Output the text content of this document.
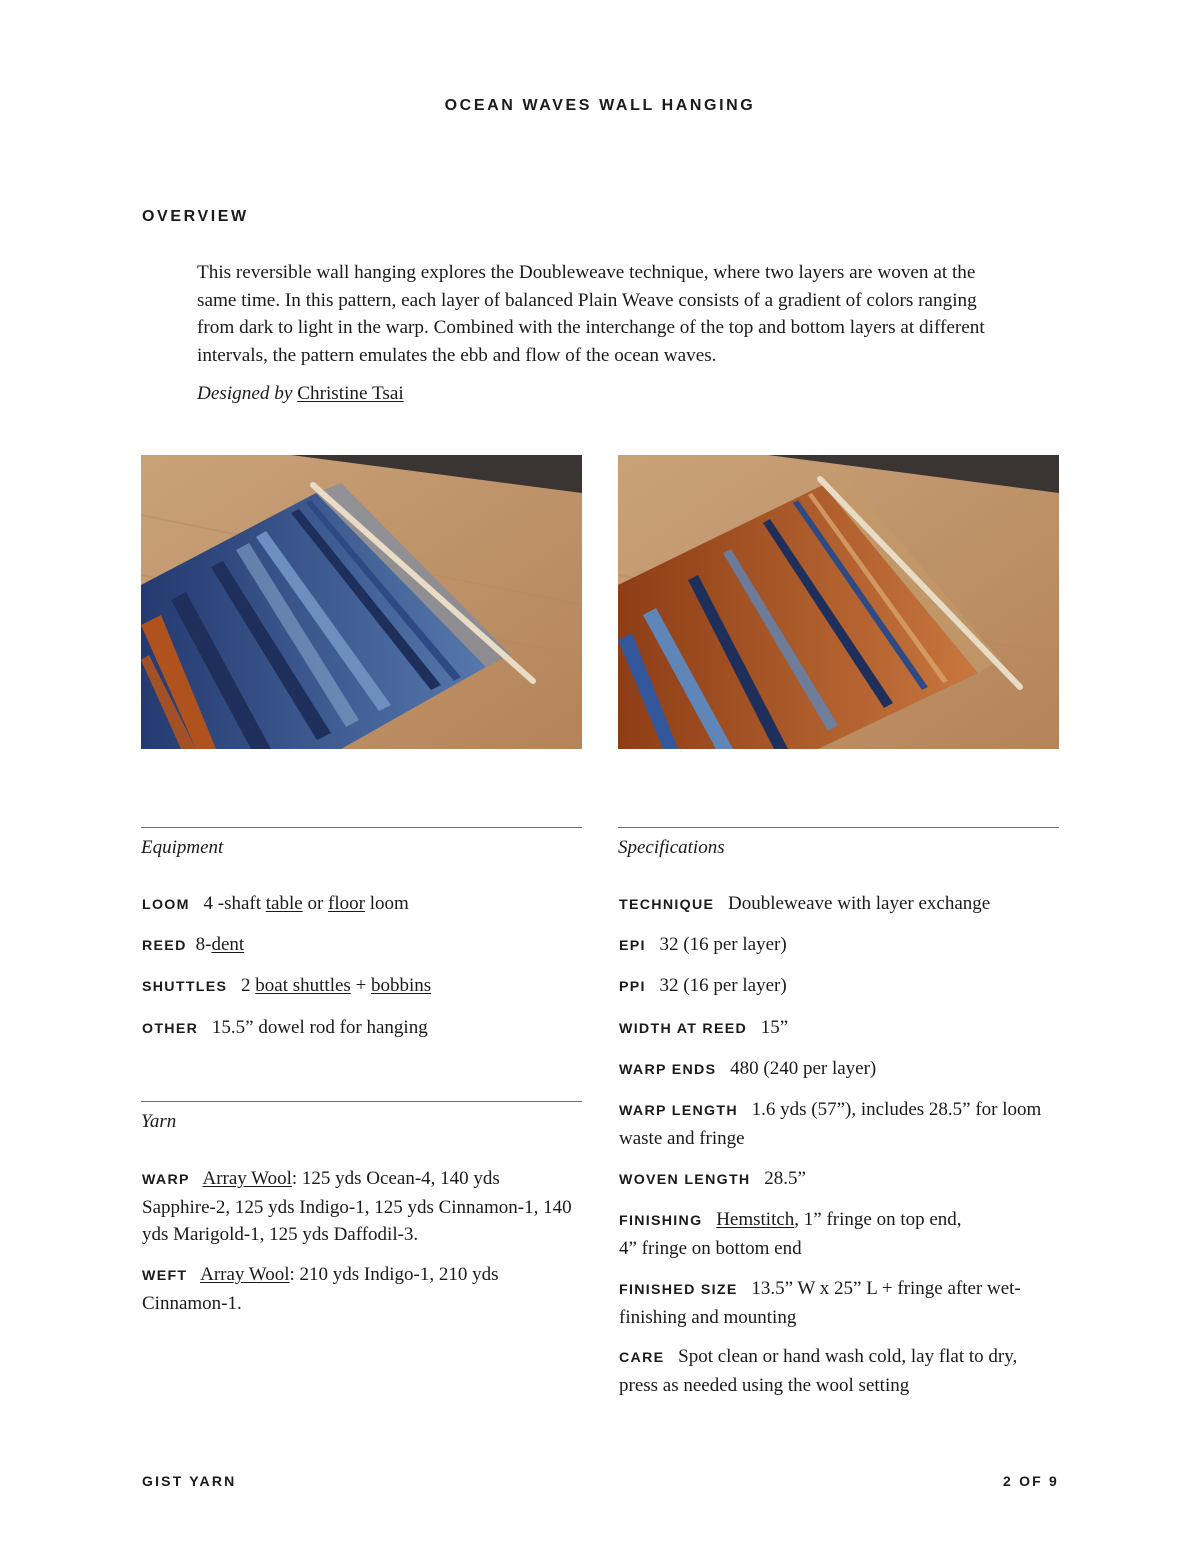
OCEAN WAVES WALL HANGING
OVERVIEW

This reversible wall hanging explores the Doubleweave technique, where two layers are woven at the same time. In this pattern, each layer of balanced Plain Weave consists of a gradient of colors ranging from dark to light in the warp. Combined with the interchange of the top and bottom layers at different intervals, the pattern emulates the ebb and flow of the ocean waves.

Designed by Christine Tsai
Equipment
LOOM 4 -shaft table or floor loom
REED 8-dent
SHUTTLES 2 boat shuttles + bobbins
OTHER 15.5” dowel rod for hanging
Yarn
WARP Array Wool: 125 yds Ocean-4, 140 yds Sapphire-2, 125 yds Indigo-1, 125 yds Cinnamon-1, 140 yds Marigold-1, 125 yds Daffodil-3.
WEFT Array Wool: 210 yds Indigo-1, 210 yds Cinnamon-1.
Specifications
TECHNIQUE Doubleweave with layer exchange
EPI 32 (16 per layer)
PPI 32 (16 per layer)
WIDTH AT REED 15”
WARP ENDS 480 (240 per layer)
WARP LENGTH 1.6 yds (57”), includes 28.5” for loom waste and fringe
WOVEN LENGTH 28.5”
FINISHING Hemstitch, 1” fringe on top end,
4” fringe on bottom end
FINISHED SIZE 13.5” W x 25” L + fringe after wet-finishing and mounting
CARE Spot clean or hand wash cold, lay flat to dry, press as needed using the wool setting
GIST YARN	2 OF 9
